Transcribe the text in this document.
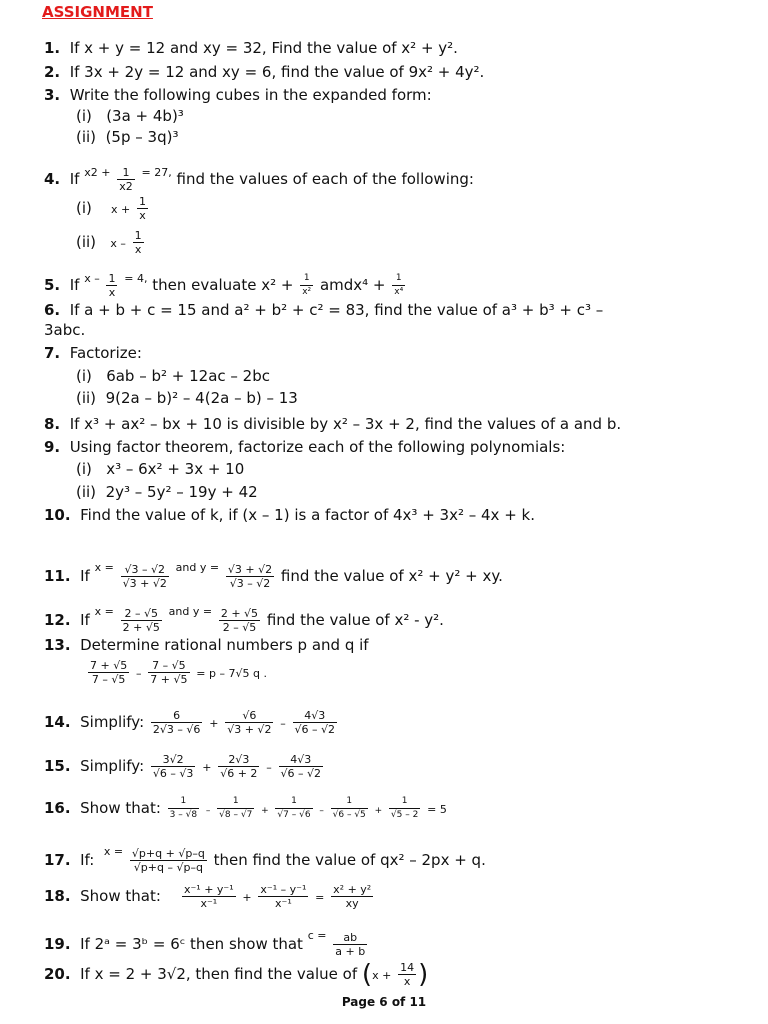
ASSIGNMENT
1. If x + y = 12 and xy = 32, Find the value of x² + y².
2. If 3x + 2y = 12 and xy = 6, find the value of 9x² + 4y².
3. Write the following cubes in the expanded form:
(i)   (3a + 4b)³
(ii)  (5p – 3q)³
4. If $^{x2 +} \frac{1}{x2} ^{= 27,}$ find the values of each of the following:
(i)    $x + \frac{1}{x}$
(ii)   x – $\frac{1}{x}$
5. If $^{x -} \frac{1}{x} ^{= 4,}$ then evaluate $x^2 + \frac{1}{\text{x²}}$ amdx⁴ + $\frac{1}{\text{x⁴}}$
6. If a + b + c = 15 and a² + b² + c² = 83, find the value of a³ + b³ + c³ –
3abc.
7. Factorize:
(i)   6ab – b² + 12ac – 2bc
(ii)  9(2a – b)² – 4(2a – b) – 13
8. If x³ + ax² – bx + 10 is divisible by x² – 3x + 2, find the values of a and b.
9. Using factor theorem, factorize each of the following polynomials:
(i)   x³ – 6x² + 3x + 10
(ii)  2y³ – 5y² – 19y + 42
10. Find the value of k, if (x – 1) is a factor of 4x³ + 3x² – 4x + k.
11. If $^{x =} \frac{√3 - √2}{√3 + √2} ^{and y =} \frac{√3 + √2}{√3 - √2}$ find the value of x² + y² + xy.
12. If $^{x =} \frac{2 - √5}{2 + √5} ^{and y =} \frac{2 + √5}{2 - √5}$ find the value of x² - y².
13. Determine rational numbers p and q if
$\frac{7 + √5}{7 - √5} - \frac{7 - √5}{7 + √5} = p - 7√5$ q .
14. Simplify: $\frac{6}{2√3 - √6} + \frac{√6}{√3 + √2} - \frac{4√3}{√6 - √2}$
15. Simplify: $\frac{3√2}{√6 - √3} + \frac{2√3}{√6 + 2} - \frac{4√3}{√6 - √2}$
16. Show that: $\frac{1}{3 - √8} - \frac{1}{√8 - √7} + \frac{1}{√7 - √6} - \frac{1}{√6 - √5} + \frac{1}{√5 - 2} = 5$
17. If: $^{x =} \frac{√p+q + √p-q}{√p+q - √p-q}$ then find the value of qx² – 2px + q.
18. Show that: $\frac{\text{x⁻¹ + y⁻¹}}{\text{x⁻¹}} + \frac{\text{x⁻¹ – y⁻¹}}{\text{x⁻¹}} = \frac{\text{x² + y²}}{xy}$
19. If 2ᵃ = 3ᵇ = 6ᶜ then show that $^{c =} \frac{ab}{a + b}$
20. If x = 2 + 3√2, then find the value of ($x + \frac{14}{x}$ )
Page 6 of 11
